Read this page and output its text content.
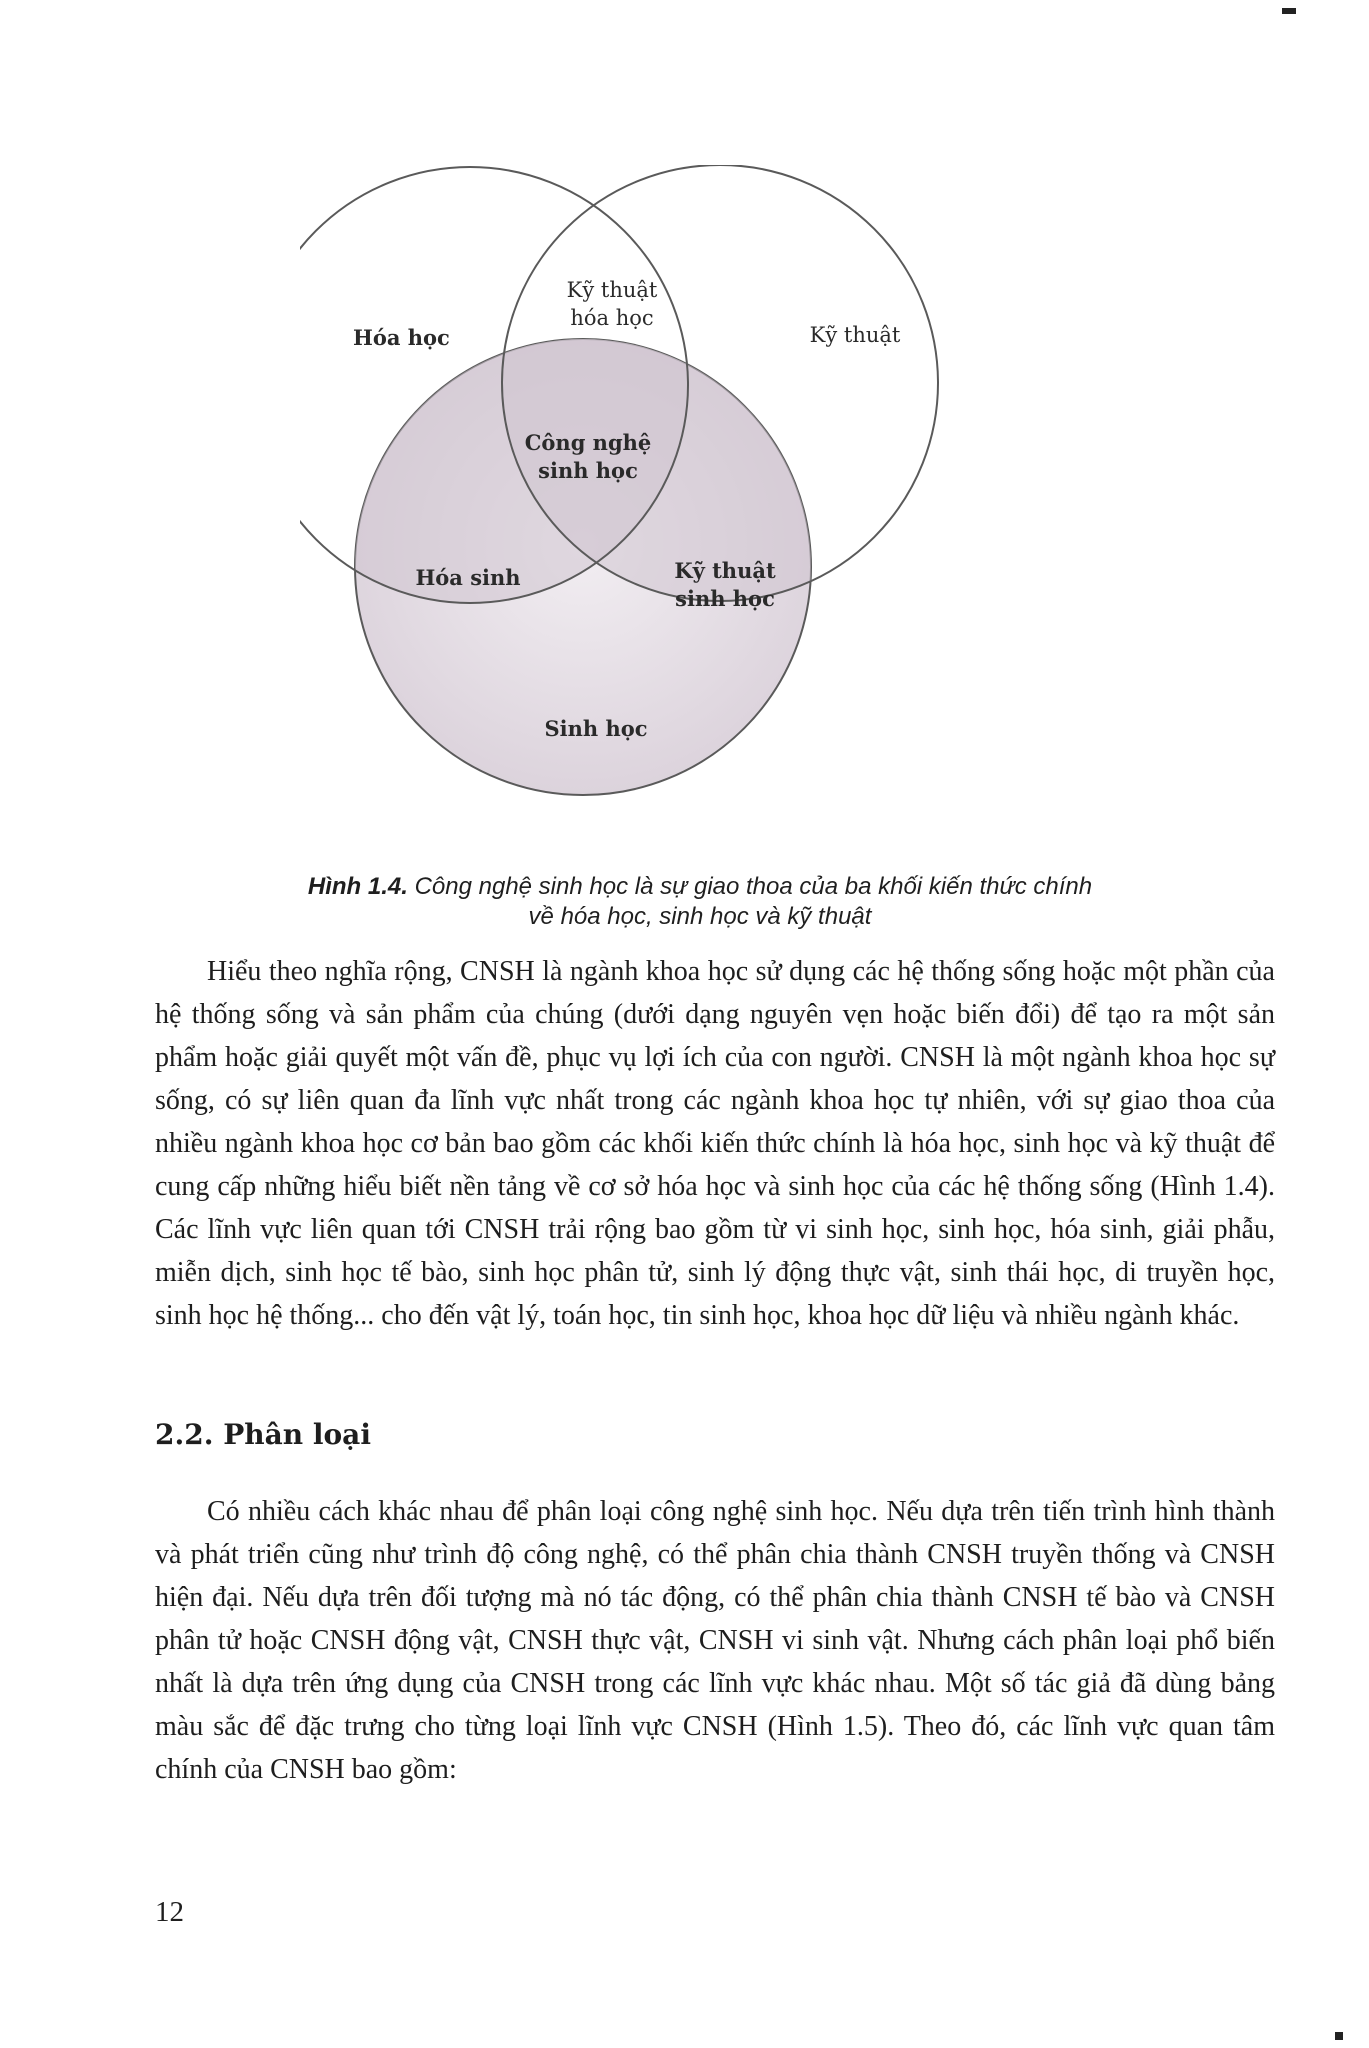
Hóa học
Kỹ thuật
hóa học
Kỹ thuật
Công nghệ
sinh học
Hóa sinh	Kỹ thuật
sinh học
Sinh học
Hình 1.4. Công nghệ sinh học là sự giao thoa của ba khối kiến thức chính
về hóa học, sinh học và kỹ thuật

Hiểu theo nghĩa rộng, CNSH là ngành khoa học sử dụng các hệ thống sống hoặc một phần của hệ thống sống và sản phẩm của chúng (dưới dạng nguyên vẹn hoặc biến đổi) để tạo ra một sản phẩm hoặc giải quyết một vấn đề, phục vụ lợi ích của con người. CNSH là một ngành khoa học sự sống, có sự liên quan đa lĩnh vực nhất trong các ngành khoa học tự nhiên, với sự giao thoa của nhiều ngành khoa học cơ bản bao gồm các khối kiến thức chính là hóa học, sinh học và kỹ thuật để cung cấp những hiểu biết nền tảng về cơ sở hóa học và sinh học của các hệ thống sống (Hình 1.4). Các lĩnh vực liên quan tới CNSH trải rộng bao gồm từ vi sinh học, sinh học, hóa sinh, giải phẫu, miễn dịch, sinh học tế bào, sinh học phân tử, sinh lý động thực vật, sinh thái học, di truyền học, sinh học hệ thống... cho đến vật lý, toán học, tin sinh học, khoa học dữ liệu và nhiều ngành khác.

2.2. Phân loại

Có nhiều cách khác nhau để phân loại công nghệ sinh học. Nếu dựa trên tiến trình hình thành và phát triển cũng như trình độ công nghệ, có thể phân chia thành CNSH truyền thống và CNSH hiện đại. Nếu dựa trên đối tượng mà nó tác động, có thể phân chia thành CNSH tế bào và CNSH phân tử hoặc CNSH động vật, CNSH thực vật, CNSH vi sinh vật. Nhưng cách phân loại phổ biến nhất là dựa trên ứng dụng của CNSH trong các lĩnh vực khác nhau. Một số tác giả đã dùng bảng màu sắc để đặc trưng cho từng loại lĩnh vực CNSH (Hình 1.5). Theo đó, các lĩnh vực quan tâm chính của CNSH bao gồm:

12
